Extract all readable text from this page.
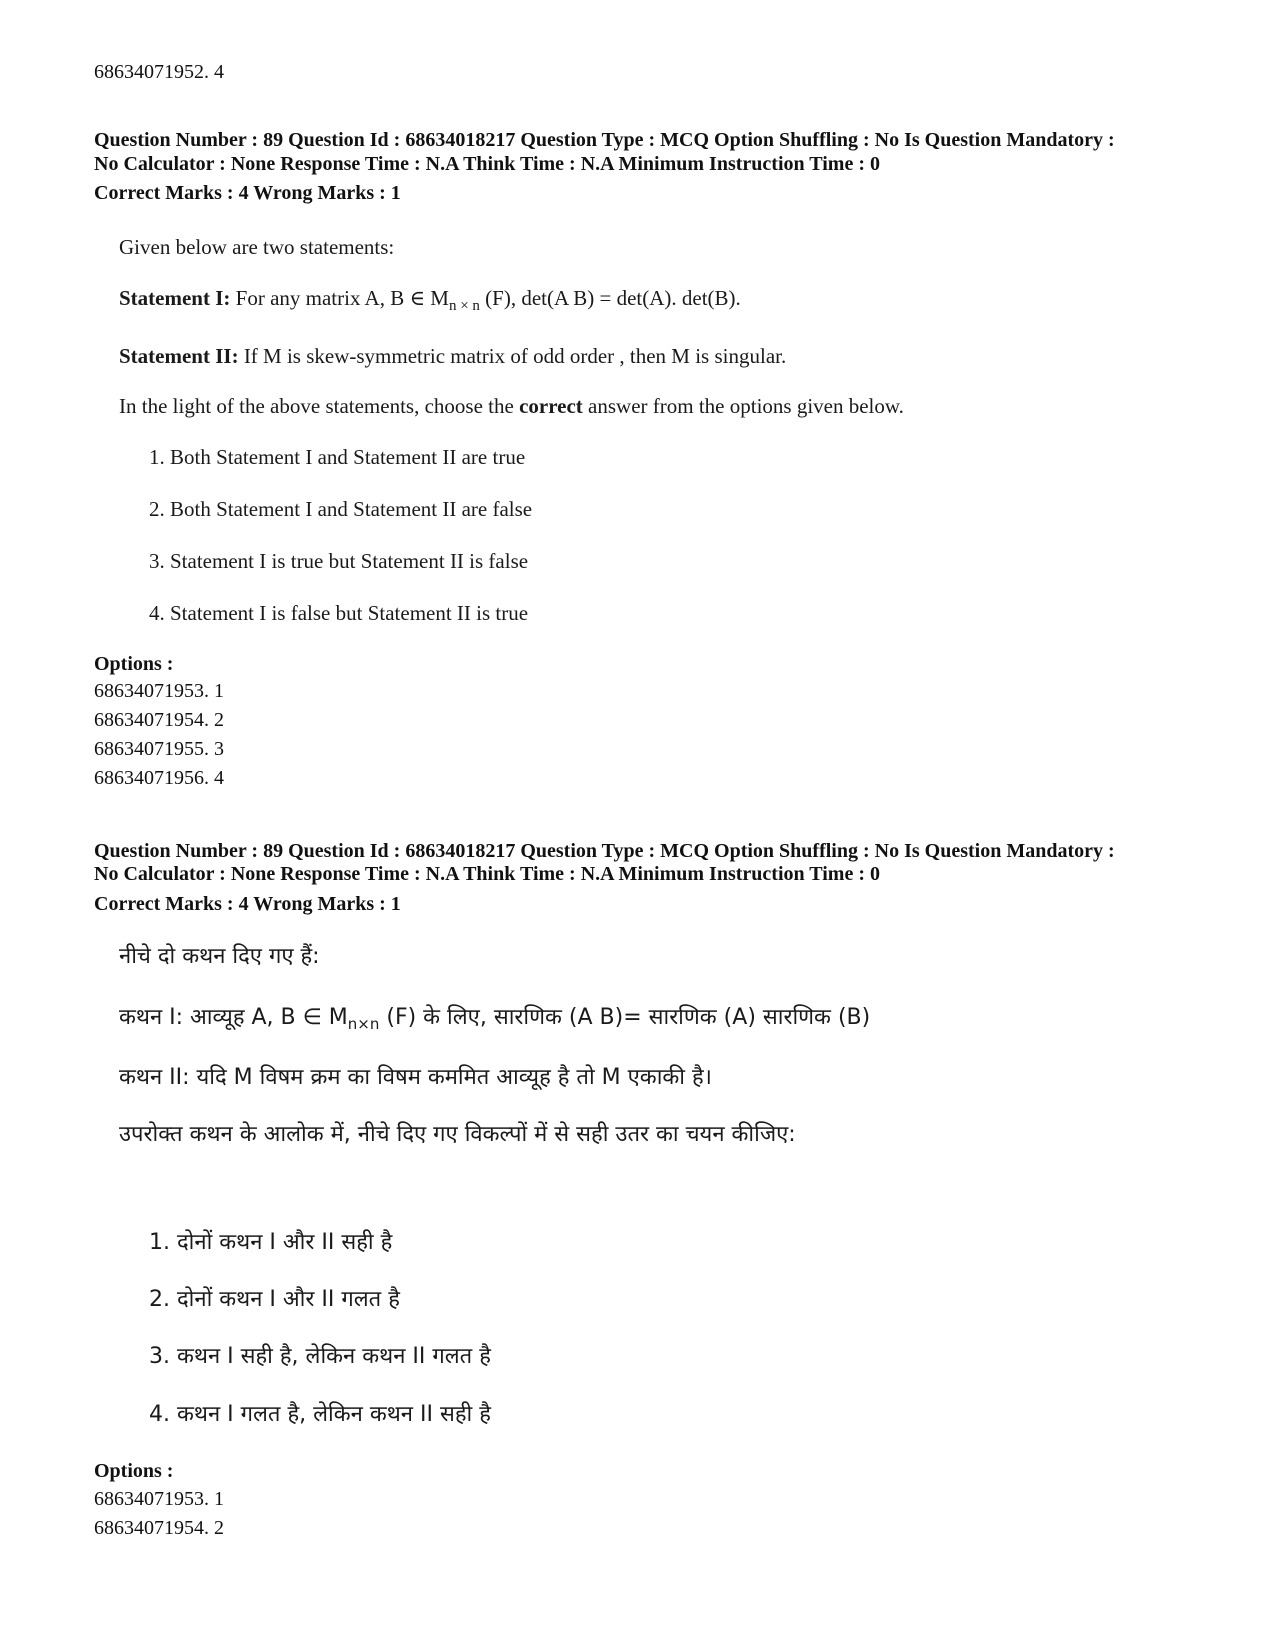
68634071952. 4
Question Number : 89 Question Id : 68634018217 Question Type : MCQ Option Shuffling : No Is Question Mandatory :
No Calculator : None Response Time : N.A Think Time : N.A Minimum Instruction Time : 0
Correct Marks : 4 Wrong Marks : 1
Given below are two statements:
Statement I: For any matrix A, B ∈ $M_{n \times n}$ (F), det(A B) = det(A). det(B).
Statement II: If M is skew-symmetric matrix of odd order , then M is singular.
In the light of the above statements, choose the correct answer from the options given below.
1. Both Statement I and Statement II are true
2. Both Statement I and Statement II are false
3. Statement I is true but Statement II is false
4. Statement I is false but Statement II is true
Options :
68634071953. 1
68634071954. 2
68634071955. 3
68634071956. 4
Question Number : 89 Question Id : 68634018217 Question Type : MCQ Option Shuffling : No Is Question Mandatory :
No Calculator : None Response Time : N.A Think Time : N.A Minimum Instruction Time : 0
Correct Marks : 4 Wrong Marks : 1
नीचे दो कथन दिए गए हैं:
कथन I: आव्यूह A, B ∈ $M_{n\times n}$ (F) के लिए, सारणिक (A B)= सारणिक (A) सारणिक (B)
कथन II: यदि M विषम क्रम का विषम कममित आव्यूह है तो M एकाकी है।
उपरोक्त कथन के आलोक में, नीचे दिए गए विकल्पों में से सही उतर का चयन कीजिए:
1. दोनों कथन I और II सही है
2. दोनों कथन I और II गलत है
3. कथन I सही है, लेकिन कथन II गलत है
4. कथन I गलत है, लेकिन कथन II सही है
Options :
68634071953. 1
68634071954. 2
